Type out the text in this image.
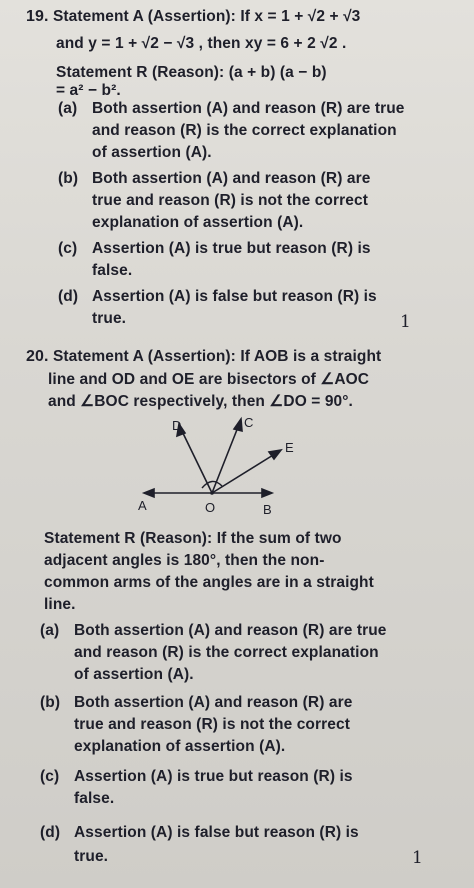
19. Statement A (Assertion): If x = 1 + √2 + √3
and y = 1 + √2 − √3 , then xy = 6 + 2 √2 .
Statement R (Reason): (a + b) (a − b)
= a² − b².
(a) Both assertion (A) and reason (R) are true
and reason (R) is the correct explanation
of assertion (A).
(b) Both assertion (A) and reason (R) are
true and reason (R) is not the correct
explanation of assertion (A).
(c) Assertion (A) is true but reason (R) is
false.
(d) Assertion (A) is false but reason (R) is
true.	1
20. Statement A (Assertion): If AOB is a straight
line and OD and OE are bisectors of ∠AOC
and ∠BOC respectively, then ∠DO = 90°.
D	C
E
A	O	B
Statement R (Reason): If the sum of two
adjacent angles is 180°, then the non-
common arms of the angles are in a straight
line.
(a) Both assertion (A) and reason (R) are true
and reason (R) is the correct explanation
of assertion (A).
(b) Both assertion (A) and reason (R) are
true and reason (R) is not the correct
explanation of assertion (A).
(c) Assertion (A) is true but reason (R) is
false.
(d) Assertion (A) is false but reason (R) is
true.	1
